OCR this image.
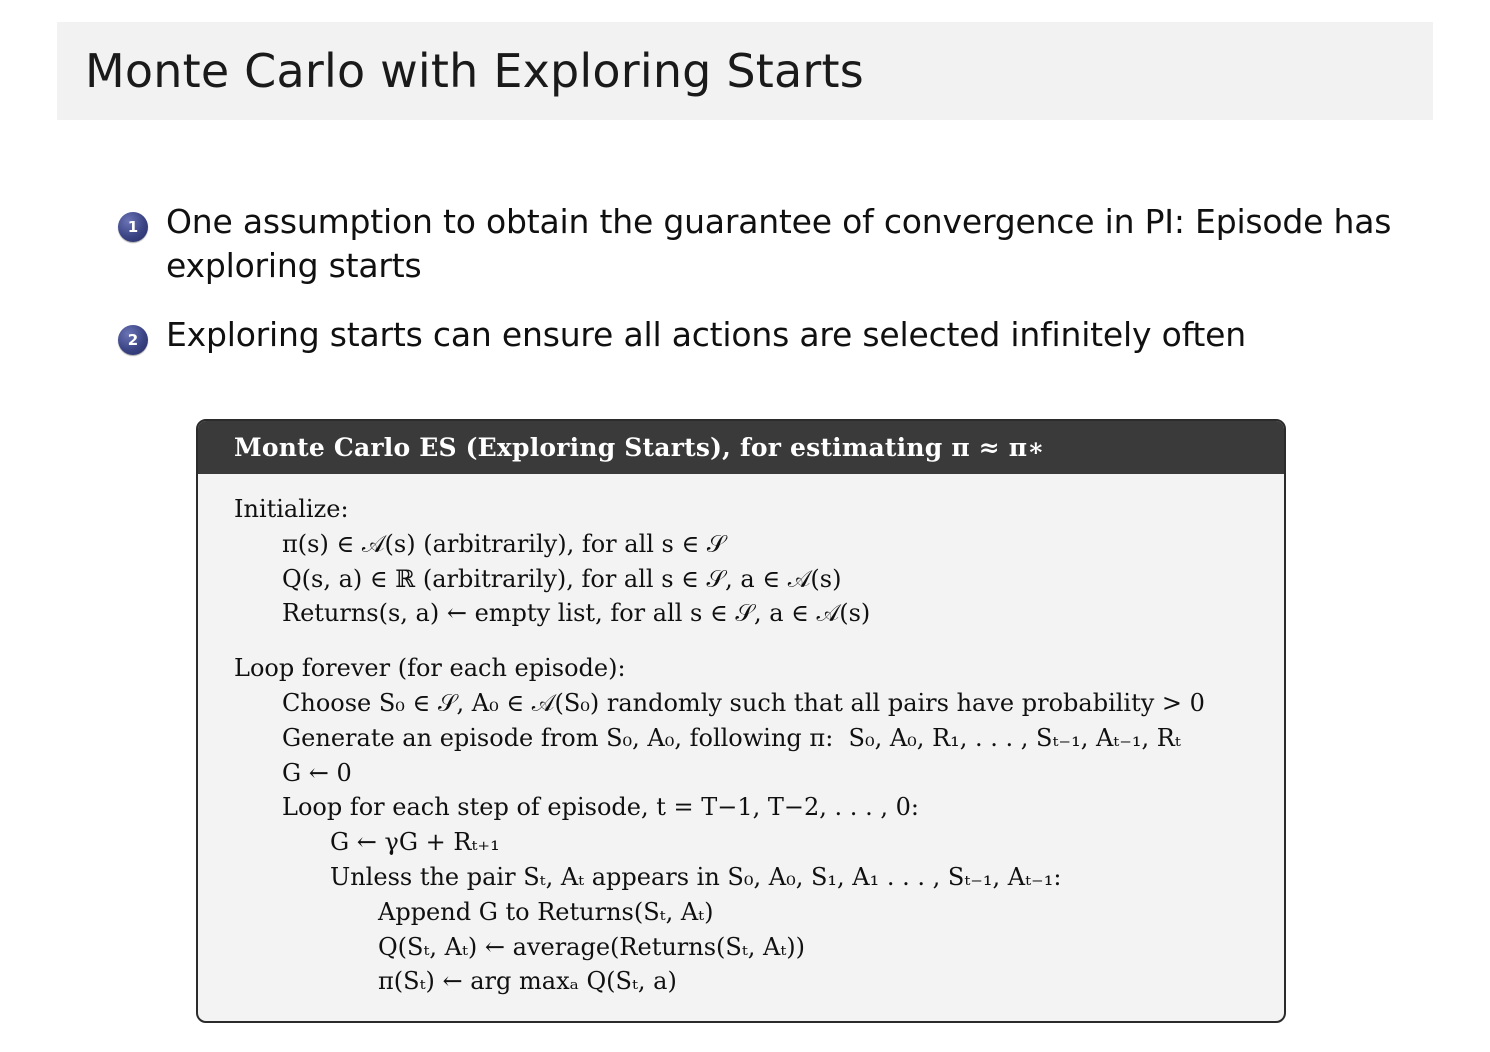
Monte Carlo with Exploring Starts
1 One assumption to obtain the guarantee of convergence in PI: Episode has exploring starts
2 Exploring starts can ensure all actions are selected infinitely often
Monte Carlo ES (Exploring Starts), for estimating π ≈ π∗
Initialize:
π(s) ∈ 𝒜(s) (arbitrarily), for all s ∈ 𝒮
Q(s, a) ∈ ℝ (arbitrarily), for all s ∈ 𝒮, a ∈ 𝒜(s)
Returns(s, a) ← empty list, for all s ∈ 𝒮, a ∈ 𝒜(s)
Loop forever (for each episode):
Choose S₀ ∈ 𝒮, A₀ ∈ 𝒜(S₀) randomly such that all pairs have probability > 0
Generate an episode from S₀, A₀, following π:  S₀, A₀, R₁, . . . , Sₜ₋₁, Aₜ₋₁, Rₜ
G ← 0
Loop for each step of episode, t = T−1, T−2, . . . , 0:
G ← γG + Rₜ₊₁
Unless the pair Sₜ, Aₜ appears in S₀, A₀, S₁, A₁ . . . , Sₜ₋₁, Aₜ₋₁:
Append G to Returns(Sₜ, Aₜ)
Q(Sₜ, Aₜ) ← average(Returns(Sₜ, Aₜ))
π(Sₜ) ← arg maxₐ Q(Sₜ, a)
